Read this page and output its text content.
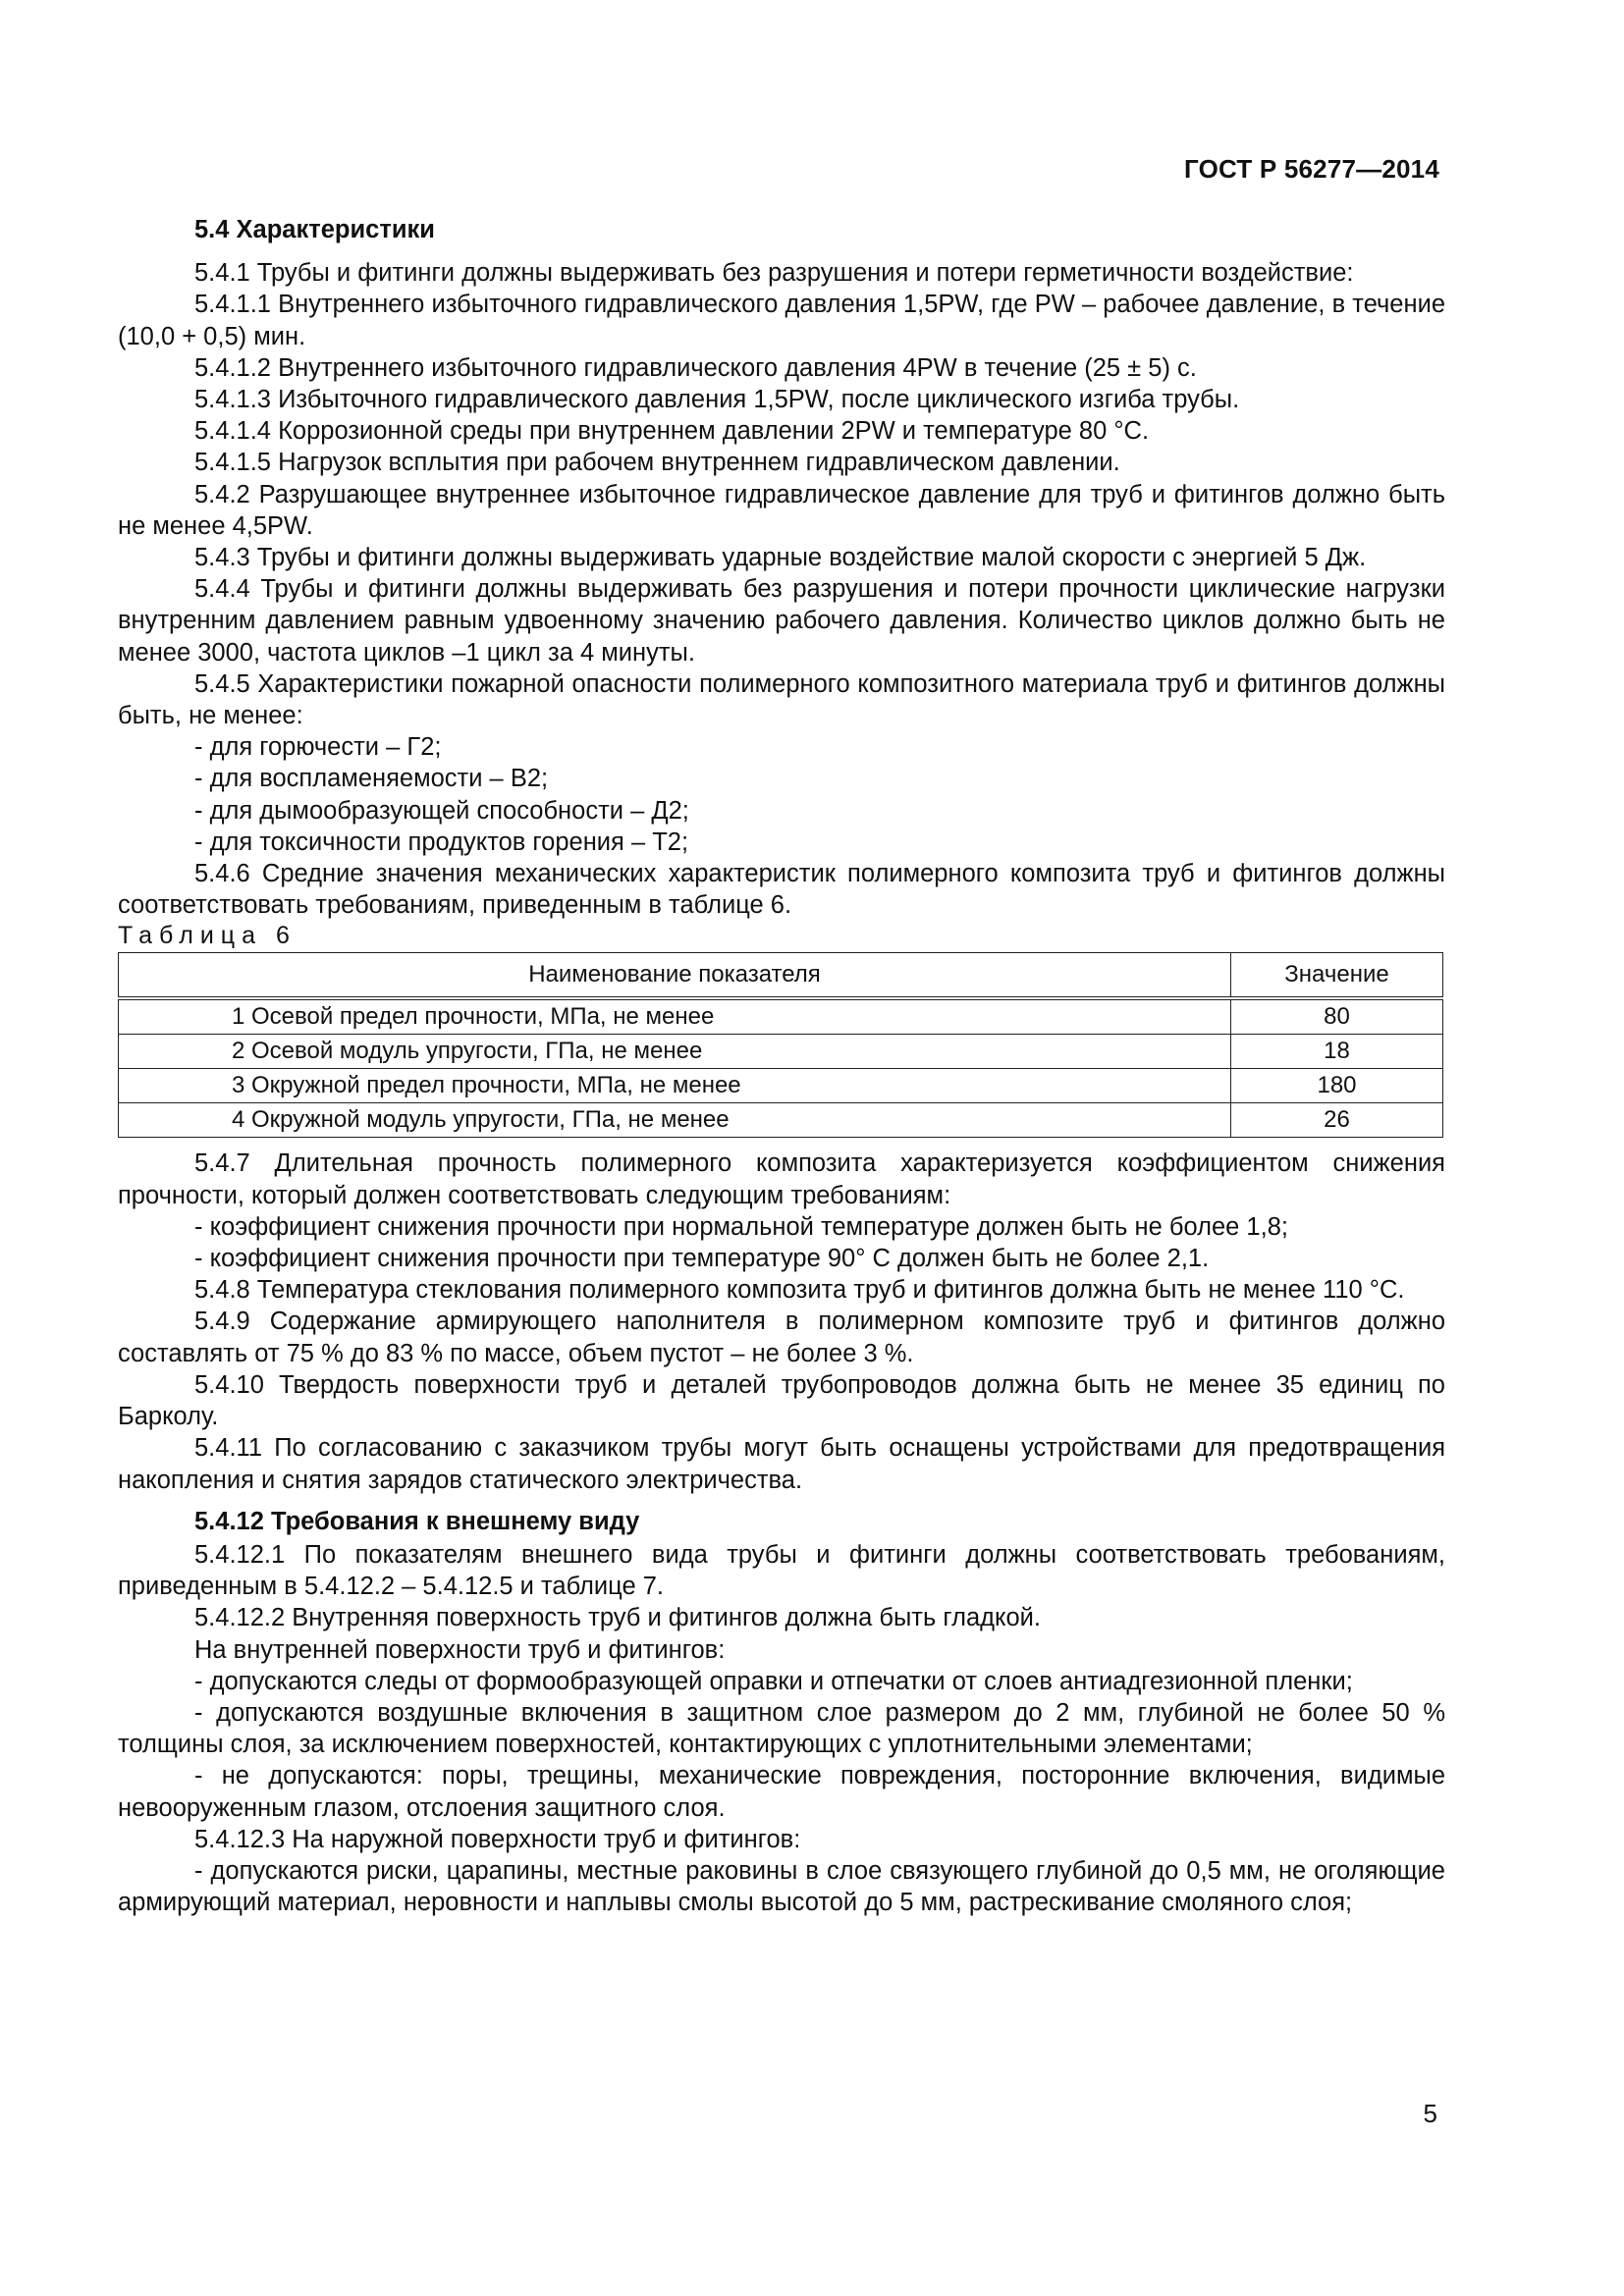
ГОСТ Р 56277—2014

5.4 Характеристики

5.4.1 Трубы и фитинги должны выдерживать без разрушения и потери герметичности воздействие:

5.4.1.1 Внутреннего избыточного гидравлического давления 1,5PW, где PW – рабочее давление, в течение (10,0 + 0,5) мин.

5.4.1.2 Внутреннего избыточного гидравлического давления 4PW в течение (25 ± 5) с.

5.4.1.3 Избыточного гидравлического давления 1,5PW, после циклического изгиба трубы.

5.4.1.4 Коррозионной среды при внутреннем давлении 2PW и температуре 80 °С.

5.4.1.5 Нагрузок всплытия при рабочем внутреннем гидравлическом давлении.

5.4.2 Разрушающее внутреннее избыточное гидравлическое давление для труб и фитингов должно быть не менее 4,5PW.

5.4.3 Трубы и фитинги должны выдерживать ударные воздействие малой скорости с энергией 5 Дж.

5.4.4 Трубы и фитинги должны выдерживать без разрушения и потери прочности циклические нагрузки внутренним давлением равным удвоенному значению рабочего давления. Количество циклов должно быть не менее 3000, частота циклов –1 цикл за 4 минуты.

5.4.5 Характеристики пожарной опасности полимерного композитного материала труб и фитингов должны быть, не менее:

- для горючести – Г2;

- для воспламеняемости – В2;

- для дымообразующей способности – Д2;

- для токсичности продуктов горения – Т2;

5.4.6 Средние значения механических характеристик полимерного композита труб и фитингов должны соответствовать требованиям, приведенным в таблице 6.

Таблица 6

Наименование показателя	Значение
1 Осевой предел прочности, МПа, не менее	80
2 Осевой модуль упругости, ГПа, не менее	18
3 Окружной предел прочности, МПа, не менее	180
4 Окружной модуль упругости, ГПа, не менее	26

5.4.7 Длительная прочность полимерного композита характеризуется коэффициентом снижения прочности, который должен соответствовать следующим требованиям:

- коэффициент снижения прочности при нормальной температуре должен быть не более 1,8;

- коэффициент снижения прочности при температуре 90° С должен быть не более 2,1.

5.4.8 Температура стеклования полимерного композита труб и фитингов должна быть не менее 110 °С.

5.4.9 Содержание армирующего наполнителя в полимерном композите труб и фитингов должно составлять от 75 % до 83 % по массе, объем пустот – не более 3 %.

5.4.10 Твердость поверхности труб и деталей трубопроводов должна быть не менее 35 единиц по Барколу.

5.4.11 По согласованию с заказчиком трубы могут быть оснащены устройствами для предотвращения накопления и снятия зарядов статического электричества.

5.4.12 Требования к внешнему виду

5.4.12.1 По показателям внешнего вида трубы и фитинги должны соответствовать требованиям, приведенным в 5.4.12.2 – 5.4.12.5 и таблице 7.

5.4.12.2 Внутренняя поверхность труб и фитингов должна быть гладкой.

На внутренней поверхности труб и фитингов:

- допускаются следы от формообразующей оправки и отпечатки от слоев антиадгезионной пленки;

- допускаются воздушные включения в защитном слое размером до 2 мм, глубиной не более 50 % толщины слоя, за исключением поверхностей, контактирующих с уплотнительными элементами;

- не допускаются: поры, трещины, механические повреждения, посторонние включения, видимые невооруженным глазом, отслоения защитного слоя.

5.4.12.3 На наружной поверхности труб и фитингов:

- допускаются риски, царапины, местные раковины в слое связующего глубиной до 0,5 мм, не оголяющие армирующий материал, неровности и наплывы смолы высотой до 5 мм, растрескивание смоляного слоя;

5
